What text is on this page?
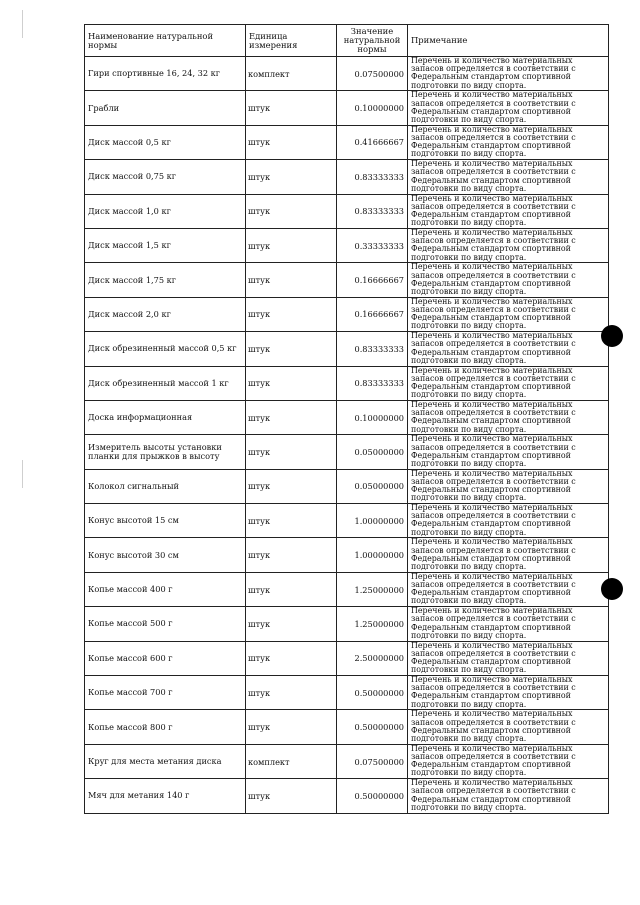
Наименование натуральной нормы	Единица измерения	Значение натуральной нормы	Примечание
Гири спортивные 16, 24, 32 кг	комплект	0.07500000	Перечень и количество материальных запасов определяется в соответствии с Федеральным стандартом спортивной подготовки по виду спорта.
Грабли	штук	0.10000000	Перечень и количество материальных запасов определяется в соответствии с Федеральным стандартом спортивной подготовки по виду спорта.
Диск массой 0,5 кг	штук	0.41666667	Перечень и количество материальных запасов определяется в соответствии с Федеральным стандартом спортивной подготовки по виду спорта.
Диск массой 0,75 кг	штук	0.83333333	Перечень и количество материальных запасов определяется в соответствии с Федеральным стандартом спортивной подготовки по виду спорта.
Диск массой 1,0 кг	штук	0.83333333	Перечень и количество материальных запасов определяется в соответствии с Федеральным стандартом спортивной подготовки по виду спорта.
Диск массой 1,5 кг	штук	0.33333333	Перечень и количество материальных запасов определяется в соответствии с Федеральным стандартом спортивной подготовки по виду спорта.
Диск массой 1,75 кг	штук	0.16666667	Перечень и количество материальных запасов определяется в соответствии с Федеральным стандартом спортивной подготовки по виду спорта.
Диск массой 2,0 кг	штук	0.16666667	Перечень и количество материальных запасов определяется в соответствии с Федеральным стандартом спортивной подготовки по виду спорта.
Диск обрезиненный массой 0,5 кг	штук	0.83333333	Перечень и количество материальных запасов определяется в соответствии с Федеральным стандартом спортивной подготовки по виду спорта.
Диск обрезиненный массой 1 кг	штук	0.83333333	Перечень и количество материальных запасов определяется в соответствии с Федеральным стандартом спортивной подготовки по виду спорта.
Доска информационная	штук	0.10000000	Перечень и количество материальных запасов определяется в соответствии с Федеральным стандартом спортивной подготовки по виду спорта.
Измеритель высоты установки планки для прыжков в высоту	штук	0.05000000	Перечень и количество материальных запасов определяется в соответствии с Федеральным стандартом спортивной подготовки по виду спорта.
Колокол сигнальный	штук	0.05000000	Перечень и количество материальных запасов определяется в соответствии с Федеральным стандартом спортивной подготовки по виду спорта.
Конус высотой 15 см	штук	1.00000000	Перечень и количество материальных запасов определяется в соответствии с Федеральным стандартом спортивной подготовки по виду спорта.
Конус высотой 30 см	штук	1.00000000	Перечень и количество материальных запасов определяется в соответствии с Федеральным стандартом спортивной подготовки по виду спорта.
Копье массой 400 г	штук	1.25000000	Перечень и количество материальных запасов определяется в соответствии с Федеральным стандартом спортивной подготовки по виду спорта.
Копье массой 500 г	штук	1.25000000	Перечень и количество материальных запасов определяется в соответствии с Федеральным стандартом спортивной подготовки по виду спорта.
Копье массой 600 г	штук	2.50000000	Перечень и количество материальных запасов определяется в соответствии с Федеральным стандартом спортивной подготовки по виду спорта.
Копье массой 700 г	штук	0.50000000	Перечень и количество материальных запасов определяется в соответствии с Федеральным стандартом спортивной подготовки по виду спорта.
Копье массой 800 г	штук	0.50000000	Перечень и количество материальных запасов определяется в соответствии с Федеральным стандартом спортивной подготовки по виду спорта.
Круг для места метания диска	комплект	0.07500000	Перечень и количество материальных запасов определяется в соответствии с Федеральным стандартом спортивной подготовки по виду спорта.
Мяч для метания 140 г	штук	0.50000000	Перечень и количество материальных запасов определяется в соответствии с Федеральным стандартом спортивной подготовки по виду спорта.
